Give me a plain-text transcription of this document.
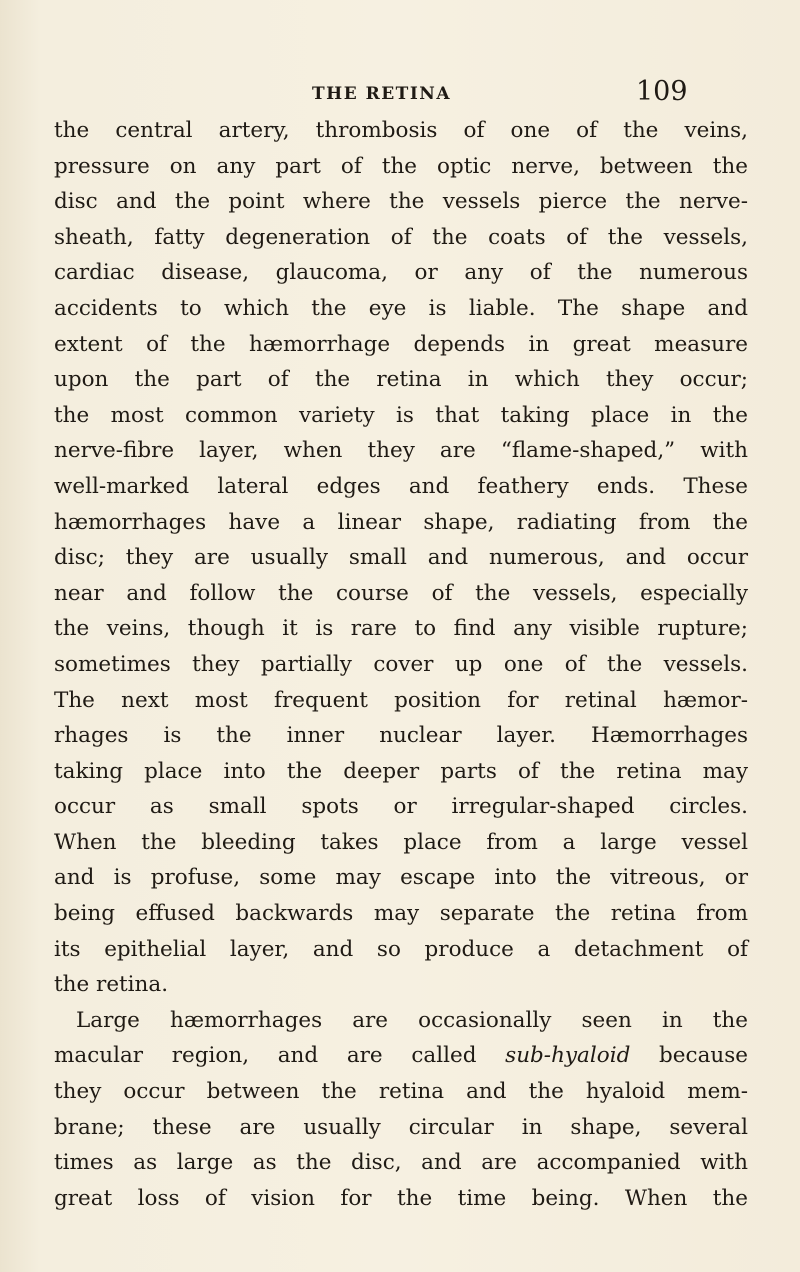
THE RETINA	109
the central artery, thrombosis of one of the veins,
pressure on any part of the optic nerve, between the
disc and the point where the vessels pierce the nerve-
sheath, fatty degeneration of the coats of the vessels,
cardiac disease, glaucoma, or any of the numerous
accidents to which the eye is liable. The shape and
extent of the hæmorrhage depends in great measure
upon the part of the retina in which they occur;
the most common variety is that taking place in the
nerve-fibre layer, when they are “flame-shaped,” with
well-marked lateral edges and feathery ends. These
hæmorrhages have a linear shape, radiating from the
disc; they are usually small and numerous, and occur
near and follow the course of the vessels, especially
the veins, though it is rare to find any visible rupture;
sometimes they partially cover up one of the vessels.
The next most frequent position for retinal hæmor-
rhages is the inner nuclear layer. Hæmorrhages
taking place into the deeper parts of the retina may
occur as small spots or irregular-shaped circles.
When the bleeding takes place from a large vessel
and is profuse, some may escape into the vitreous, or
being effused backwards may separate the retina from
its epithelial layer, and so produce a detachment of
the retina.
Large hæmorrhages are occasionally seen in the
macular region, and are called sub-hyaloid because
they occur between the retina and the hyaloid mem-
brane; these are usually circular in shape, several
times as large as the disc, and are accompanied with
great loss of vision for the time being. When the
